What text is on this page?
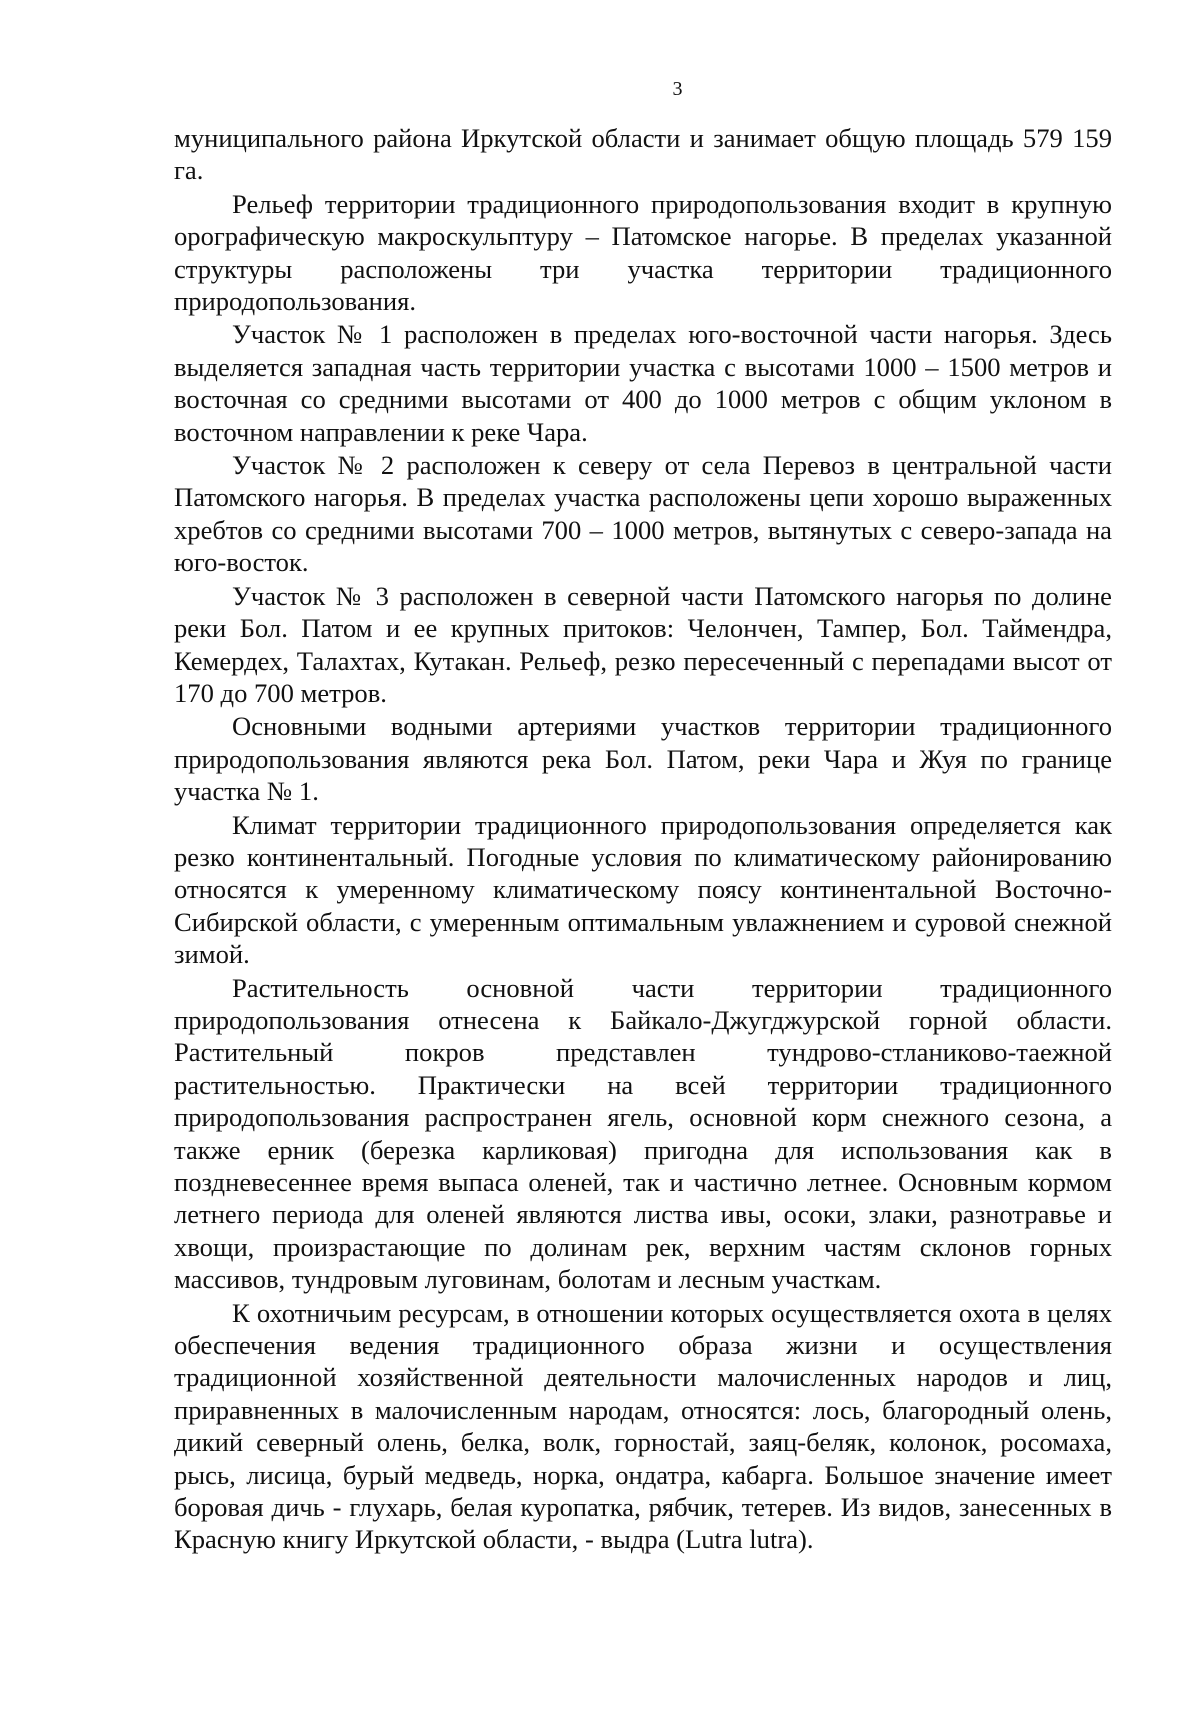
3

муниципального района Иркутской области и занимает общую площадь 579 159 га.

Рельеф территории традиционного природопользования входит в крупную орографическую макроскульптуру – Патомское нагорье. В пределах указанной структуры расположены три участка территории традиционного природопользования.

Участок № 1 расположен в пределах юго-восточной части нагорья. Здесь выделяется западная часть территории участка с высотами 1000 – 1500 метров и восточная со средними высотами от 400 до 1000 метров с общим уклоном в восточном направлении к реке Чара.

Участок № 2 расположен к северу от села Перевоз в центральной части Патомского нагорья. В пределах участка расположены цепи хорошо выраженных хребтов со средними высотами 700 – 1000 метров, вытянутых с северо-запада на юго-восток.

Участок № 3 расположен в северной части Патомского нагорья по долине реки Бол. Патом и ее крупных притоков: Челончен, Тампер, Бол. Таймендра, Кемердех, Талахтах, Кутакан. Рельеф, резко пересеченный с перепадами высот от 170 до 700 метров.

Основными водными артериями участков территории традиционного природопользования являются река Бол. Патом, реки Чара и Жуя по границе участка № 1.

Климат территории традиционного природопользования определяется как резко континентальный. Погодные условия по климатическому районированию относятся к умеренному климатическому поясу континентальной Восточно-Сибирской области, с умеренным оптимальным увлажнением и суровой снежной зимой.

Растительность основной части территории традиционного природопользования отнесена к Байкало-Джугджурской горной области. Растительный покров представлен тундрово-стланиково-таежной растительностью. Практически на всей территории традиционного природопользования распространен ягель, основной корм снежного сезона, а также ерник (березка карликовая) пригодна для использования как в поздневесеннее время выпаса оленей, так и частично летнее. Основным кормом летнего периода для оленей являются листва ивы, осоки, злаки, разнотравье и хвощи, произрастающие по долинам рек, верхним частям склонов горных массивов, тундровым луговинам, болотам и лесным участкам.

К охотничьим ресурсам, в отношении которых осуществляется охота в целях обеспечения ведения традиционного образа жизни и осуществления традиционной хозяйственной деятельности малочисленных народов и лиц, приравненных в малочисленным народам, относятся: лось, благородный олень, дикий северный олень, белка, волк, горностай, заяц-беляк, колонок, росомаха, рысь, лисица, бурый медведь, норка, ондатра, кабарга. Большое значение имеет боровая дичь - глухарь, белая куропатка, рябчик, тетерев. Из видов, занесенных в Красную книгу Иркутской области, - выдра (Lutra lutra).
